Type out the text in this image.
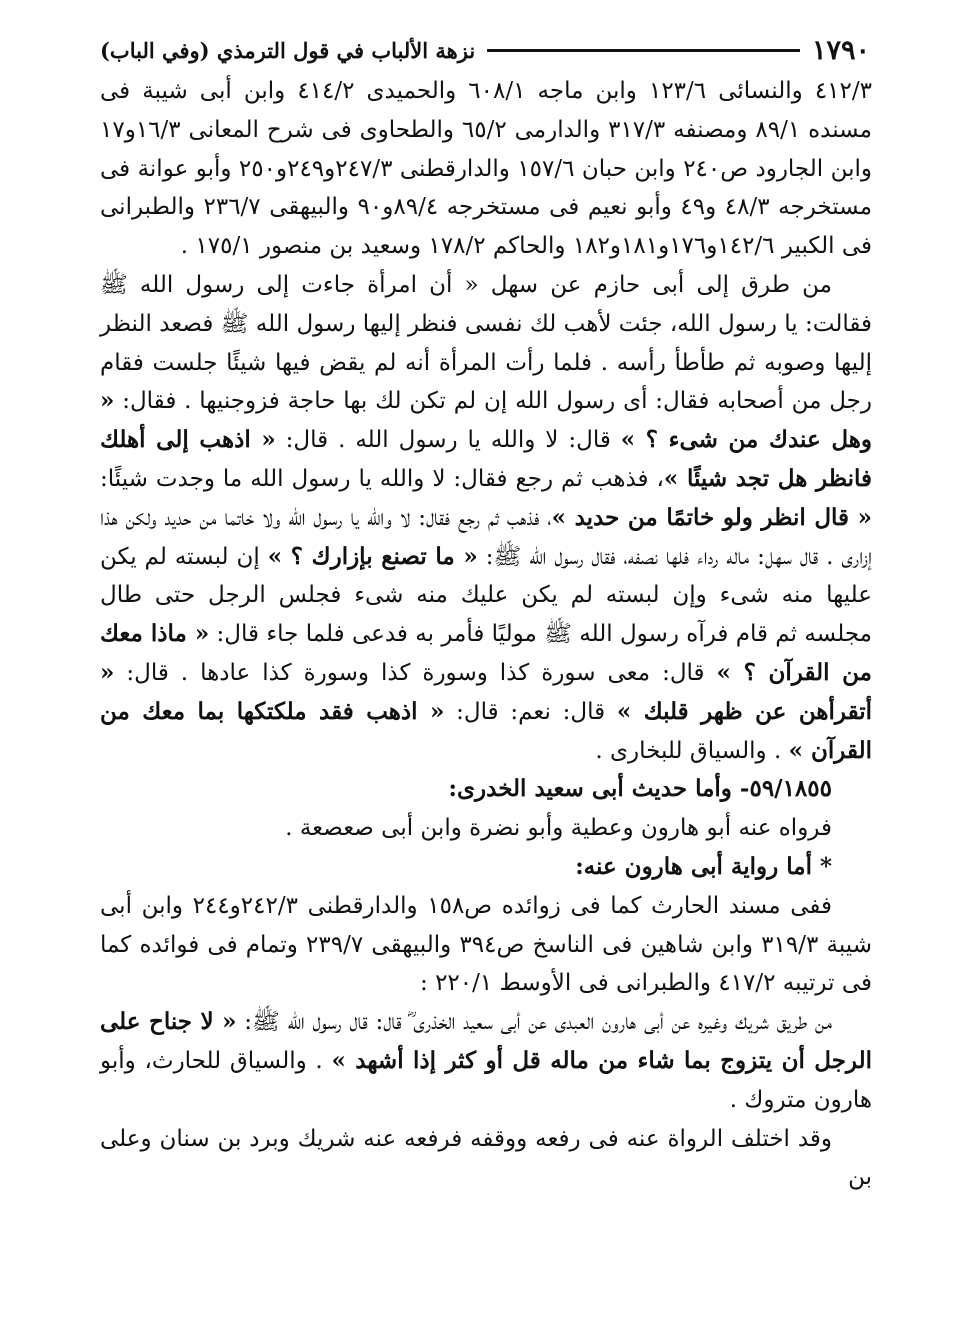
١٧٩٠
نزهة الألباب في قول الترمذي (وفي الباب)

٤١٢/٣ والنسائى ١٢٣/٦ وابن ماجه ٦٠٨/١ والحميدى ٤١٤/٢ وابن أبى شيبة فى مسنده ٨٩/١ ومصنفه ٣١٧/٣ والدارمى ٦٥/٢ والطحاوى فى شرح المعانى ١٦/٣و١٧ وابن الجارود ص٢٤٠ وابن حبان ١٥٧/٦ والدارقطنى ٢٤٧/٣و٢٤٩و٢٥٠ وأبو عوانة فى مستخرجه ٤٨/٣ و٤٩ وأبو نعيم فى مستخرجه ٨٩/٤و٩٠ والبيهقى ٢٣٦/٧ والطبرانى فى الكبير ١٤٢/٦و١٧٦و١٨١و١٨٢ والحاكم ١٧٨/٢ وسعيد بن منصور ١٧٥/١ .

من طرق إلى أبى حازم عن سهل « أن امرأة جاءت إلى رسول الله ﷺ فقالت: يا رسول الله، جئت لأهب لك نفسى فنظر إليها رسول الله ﷺ فصعد النظر إليها وصوبه ثم طأطأ رأسه . فلما رأت المرأة أنه لم يقض فيها شيئًا جلست فقام رجل من أصحابه فقال: أى رسول الله إن لم تكن لك بها حاجة فزوجنيها . فقال: « وهل عندك من شىء ؟ » قال: لا والله يا رسول الله . قال: « اذهب إلى أهلك فانظر هل تجد شيئًا »، فذهب ثم رجع فقال: لا والله يا رسول الله ما وجدت شيئًا: « قال انظر ولو خاتمًا من حديد »، فذهب ثم رجع فقال: لا والله يا رسول الله ولا خاتما من حديد ولكن هذا إزارى . قال سهل: ماله رداء فلها نصفه، فقال رسول الله ﷺ: « ما تصنع بإزارك ؟ » إن لبسته لم يكن عليها منه شىء وإن لبسته لم يكن عليك منه شىء فجلس الرجل حتى طال مجلسه ثم قام فرآه رسول الله ﷺ موليًا فأمر به فدعى فلما جاء قال: « ماذا معك من القرآن ؟ » قال: معى سورة كذا وسورة كذا وسورة كذا عادها . قال: « أتقرأهن عن ظهر قلبك » قال: نعم: قال: « اذهب فقد ملكتكها بما معك من القرآن » . والسياق للبخارى .

٥٩/١٨٥٥- وأما حديث أبى سعيد الخدرى:

فرواه عنه أبو هارون وعطية وأبو نضرة وابن أبى صعصعة .

* أما رواية أبى هارون عنه:

ففى مسند الحارث كما فى زوائده ص١٥٨ والدارقطنى ٢٤٢/٣و٢٤٤ وابن أبى شيبة ٣١٩/٣ وابن شاهين فى الناسخ ص٣٩٤ والبيهقى ٢٣٩/٧ وتمام فى فوائده كما فى ترتيبه ٤١٧/٢ والطبرانى فى الأوسط ٢٢٠/١ :

من طريق شريك وغيره عن أبى هارون العبدى عن أبى سعيد الخذرى ؓ قال: قال رسول الله ﷺ: « لا جناح على الرجل أن يتزوج بما شاء من ماله قل أو كثر إذا أشهد » . والسياق للحارث، وأبو هارون متروك .

وقد اختلف الرواة عنه فى رفعه ووقفه فرفعه عنه شريك وبرد بن سنان وعلى بن
